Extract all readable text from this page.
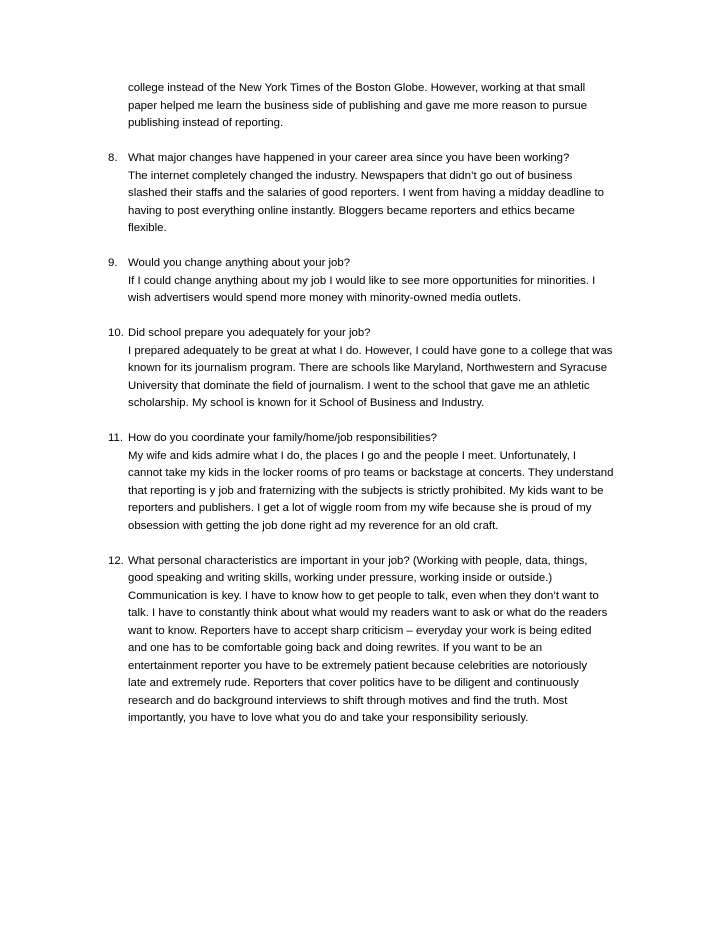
college instead of the New York Times of the Boston Globe. However, working at that small
paper helped me learn the business side of publishing and gave me more reason to pursue
publishing instead of reporting.
8. What major changes have happened in your career area since you have been working?
The internet completely changed the industry. Newspapers that didn’t go out of business
slashed their staffs and the salaries of good reporters. I went from having a midday deadline to
having to post everything online instantly. Bloggers became reporters and ethics became
flexible.
9. Would you change anything about your job?
If I could change anything about my job I would like to see more opportunities for minorities. I
wish advertisers would spend more money with minority-owned media outlets.
10. Did school prepare you adequately for your job?
I prepared adequately to be great at what I do. However, I could have gone to a college that was
known for its journalism program. There are schools like Maryland, Northwestern and Syracuse
University that dominate the field of journalism. I went to the school that gave me an athletic
scholarship. My school is known for it School of Business and Industry.
11. How do you coordinate your family/home/job responsibilities?
My wife and kids admire what I do, the places I go and the people I meet. Unfortunately, I
cannot take my kids in the locker rooms of pro teams or backstage at concerts. They understand
that reporting is y job and fraternizing with the subjects is strictly prohibited. My kids want to be
reporters and publishers. I get a lot of wiggle room from my wife because she is proud of my
obsession with getting the job done right ad my reverence for an old craft.
12. What personal characteristics are important in your job? (Working with people, data, things,
good speaking and writing skills, working under pressure, working inside or outside.)
Communication is key. I have to know how to get people to talk, even when they don’t want to
talk. I have to constantly think about what would my readers want to ask or what do the readers
want to know. Reporters have to accept sharp criticism – everyday your work is being edited
and one has to be comfortable going back and doing rewrites. If you want to be an
entertainment reporter you have to be extremely patient because celebrities are notoriously
late and extremely rude. Reporters that cover politics have to be diligent and continuously
research and do background interviews to shift through motives and find the truth. Most
importantly, you have to love what you do and take your responsibility seriously.
